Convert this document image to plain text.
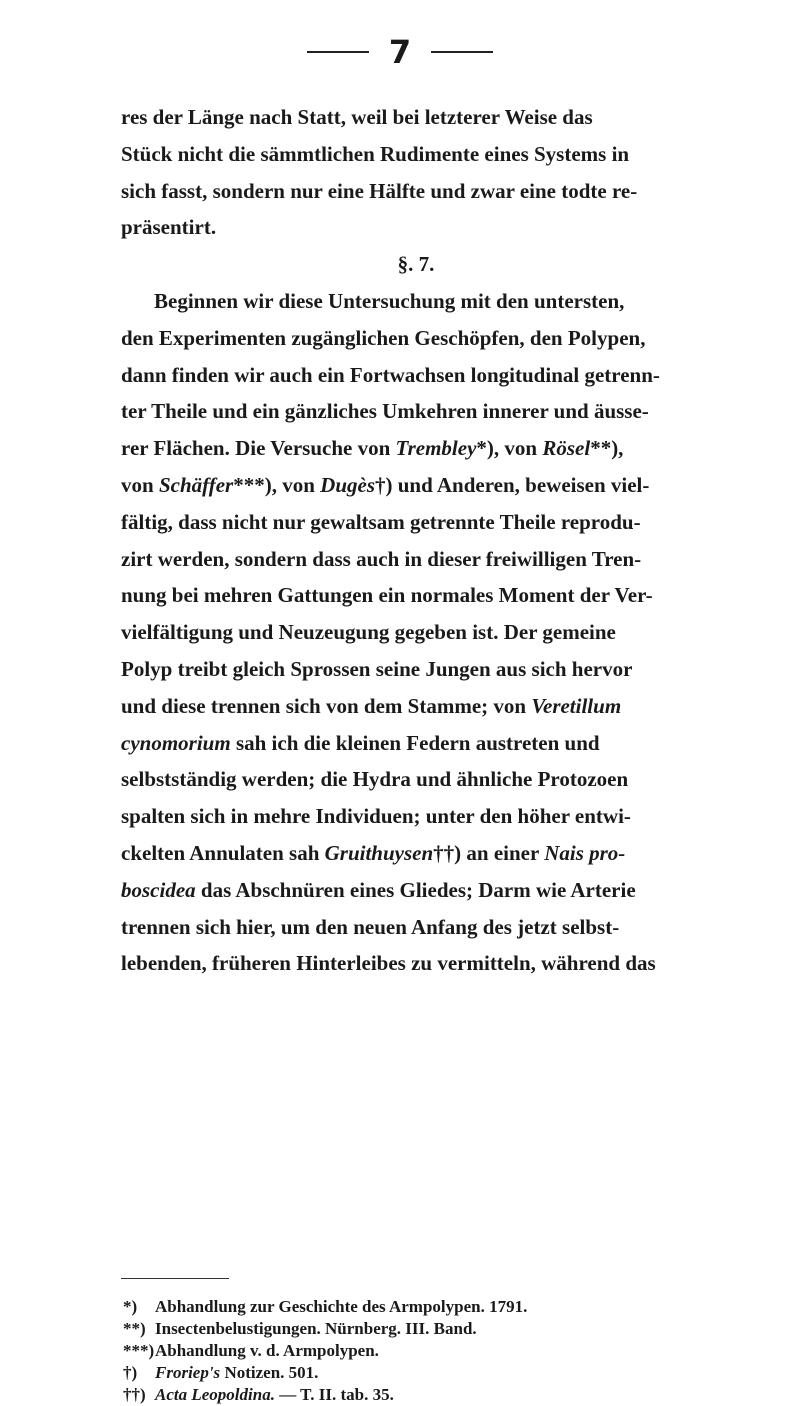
7
res der Länge nach Statt, weil bei letzterer Weise das
Stück nicht die sämmtlichen Rudimente eines Systems in
sich fasst, sondern nur eine Hälfte und zwar eine todte re-
präsentirt.
§. 7.
Beginnen wir diese Untersuchung mit den untersten,
den Experimenten zugänglichen Geschöpfen, den Polypen,
dann finden wir auch ein Fortwachsen longitudinal getrenn-
ter Theile und ein gänzliches Umkehren innerer und äusse-
rer Flächen. Die Versuche von Trembley*), von Rösel**),
von Schäffer***), von Dugès†) und Anderen, beweisen viel-
fältig, dass nicht nur gewaltsam getrennte Theile reprodu-
zirt werden, sondern dass auch in dieser freiwilligen Tren-
nung bei mehren Gattungen ein normales Moment der Ver-
vielfältigung und Neuzeugung gegeben ist. Der gemeine
Polyp treibt gleich Sprossen seine Jungen aus sich hervor
und diese trennen sich von dem Stamme; von Veretillum
cynomorium sah ich die kleinen Federn austreten und
selbstständig werden; die Hydra und ähnliche Protozoen
spalten sich in mehre Individuen; unter den höher entwi-
ckelten Annulaten sah Gruithuysen††) an einer Nais pro-
boscidea das Abschnüren eines Gliedes; Darm wie Arterie
trennen sich hier, um den neuen Anfang des jetzt selbst-
lebenden, früheren Hinterleibes zu vermitteln, während das
*) Abhandlung zur Geschichte des Armpolypen. 1791.
**) Insectenbelustigungen. Nürnberg. III. Band.
***)Abhandlung v. d. Armpolypen.
†) Froriep's Notizen. 501.
††) Acta Leopoldina. — T. II. tab. 35.
